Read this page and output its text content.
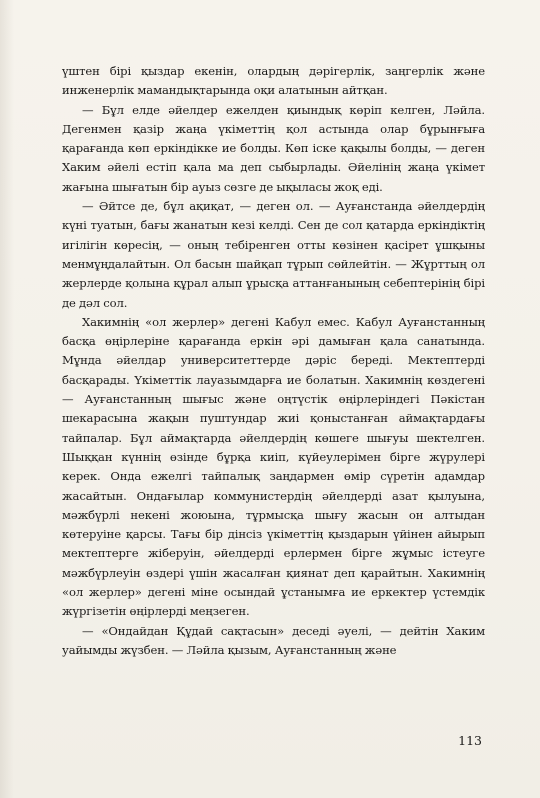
үштен бірі қыздар екенін, олардың дәрігерлік, заңгерлік және инженерлік мамандықтарында оқи алатынын айтқан.

— Бұл елде әйелдер ежелден қиындық көріп келген, Ләйла. Дегенмен қазір жаңа үкіметтің қол астында олар бұрынғыға қарағанда көп еркіндікке ие болды. Көп іске қақылы болды, — деген Хаким әйелі естіп қала ма деп сыбырлады. Әйелінің жаңа үкімет жағына шығатын бір ауыз сөзге де ықыласы жоқ еді.

— Әйтсе де, бұл ақиқат, — деген ол. — Ауғанстанда әйелдердің күні туатын, бағы жанатын кезі келді. Сен де сол қатарда еркіндіктің игілігін көресің, — оның тебіренген отты көзінен қасірет ұшқыны менмұңдалайтын. Ол басын шайқап тұрып сөйлейтін. — Жұрттың ол жерлерде қолына құрал алып ұрысқа аттанғанының себептерінің бірі де дәл сол.

Хакимнің «ол жерлер» дегені Кабул емес. Кабул Ауғанстанның басқа өңірлеріне қарағанда еркін әрі дамыған қала санатында. Мұнда әйелдар университеттерде дәріс береді. Мектептерді басқарады. Үкіметтік лауазымдарға ие болатын. Хакимнің көздегені — Ауғанстанның шығыс және оңтүстік өңірлеріндегі Пәкістан шекарасына жақын пуштундар жиі қоныстанған аймақтардағы тайпалар. Бұл аймақтарда әйелдердің көшеге шығуы шектелген. Шыққан күннің өзінде бұрқа киіп, күйеулерімен бірге жүрулері керек. Онда ежелгі тайпалық заңдармен өмір сүретін адамдар жасайтын. Ондағылар коммунистердің әйелдерді азат қылуына, мәжбүрлі некені жоюына, тұрмысқа шығу жасын он алтыдан көтеруіне қарсы. Тағы бір дінсіз үкіметтің қыздарын үйінен айырып мектептерге жіберуін, әйелдерді ерлермен бірге жұмыс істеуге мәжбүрлеуін өздері үшін жасалған қиянат деп қарайтын. Хакимнің «ол жерлер» дегені міне осындай ұстанымға ие еркектер үстемдік жүргізетін өңірлерді меңзеген.

— «Ондайдан Құдай сақтасын» деседі әуелі, — дейтін Хаким уайымды жүзбен. — Ләйла қызым, Ауғанстанның және

113
